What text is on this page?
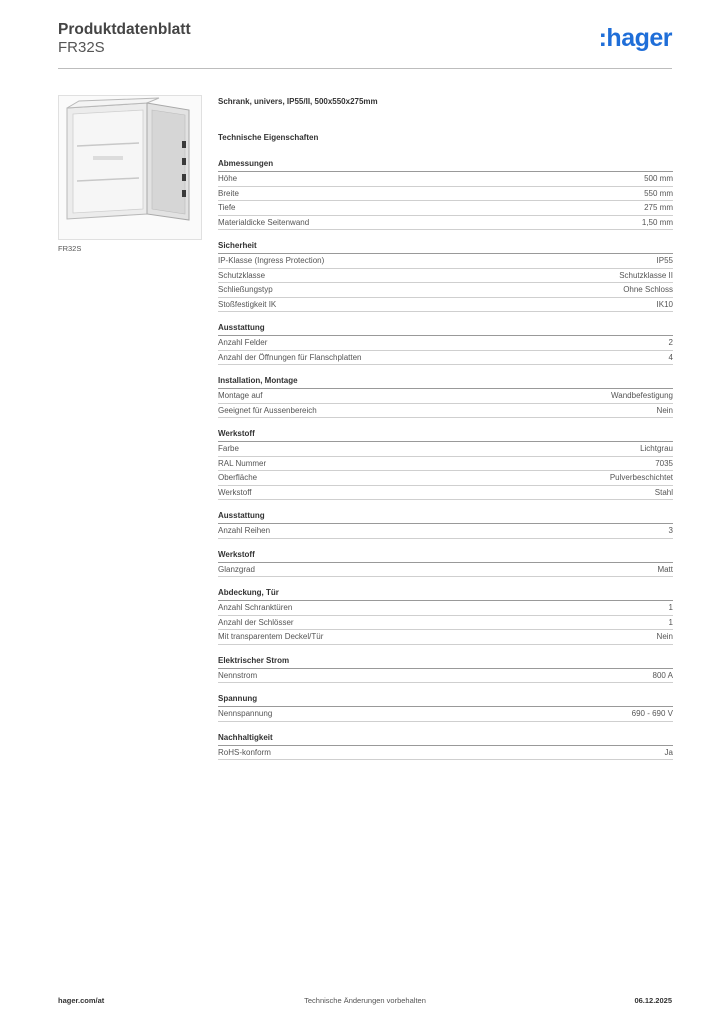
Produktdatenblatt
FR32S	:hager
FR32S
Schrank, univers, IP55/II, 500x550x275mm
Technische Eigenschaften
Abmessungen
Höhe	500 mm
Breite	550 mm
Tiefe	275 mm
Materialdicke Seitenwand	1,50 mm
Sicherheit
IP-Klasse (Ingress Protection)	IP55
Schutzklasse	Schutzklasse II
Schließungstyp	Ohne Schloss
Stoßfestigkeit IK	IK10
Ausstattung
Anzahl Felder	2
Anzahl der Öffnungen für Flanschplatten	4
Installation, Montage
Montage auf	Wandbefestigung
Geeignet für Aussenbereich	Nein
Werkstoff
Farbe	Lichtgrau
RAL Nummer	7035
Oberfläche	Pulverbeschichtet
Werkstoff	Stahl
Ausstattung
Anzahl Reihen	3
Werkstoff
Glanzgrad	Matt
Abdeckung, Tür
Anzahl Schranktüren	1
Anzahl der Schlösser	1
Mit transparentem Deckel/Tür	Nein
Elektrischer Strom
Nennstrom	800 A
Spannung
Nennspannung	690 - 690 V
Nachhaltigkeit
RoHS-konform	Ja
hager.com/at	Technische Änderungen vorbehalten	06.12.2025
